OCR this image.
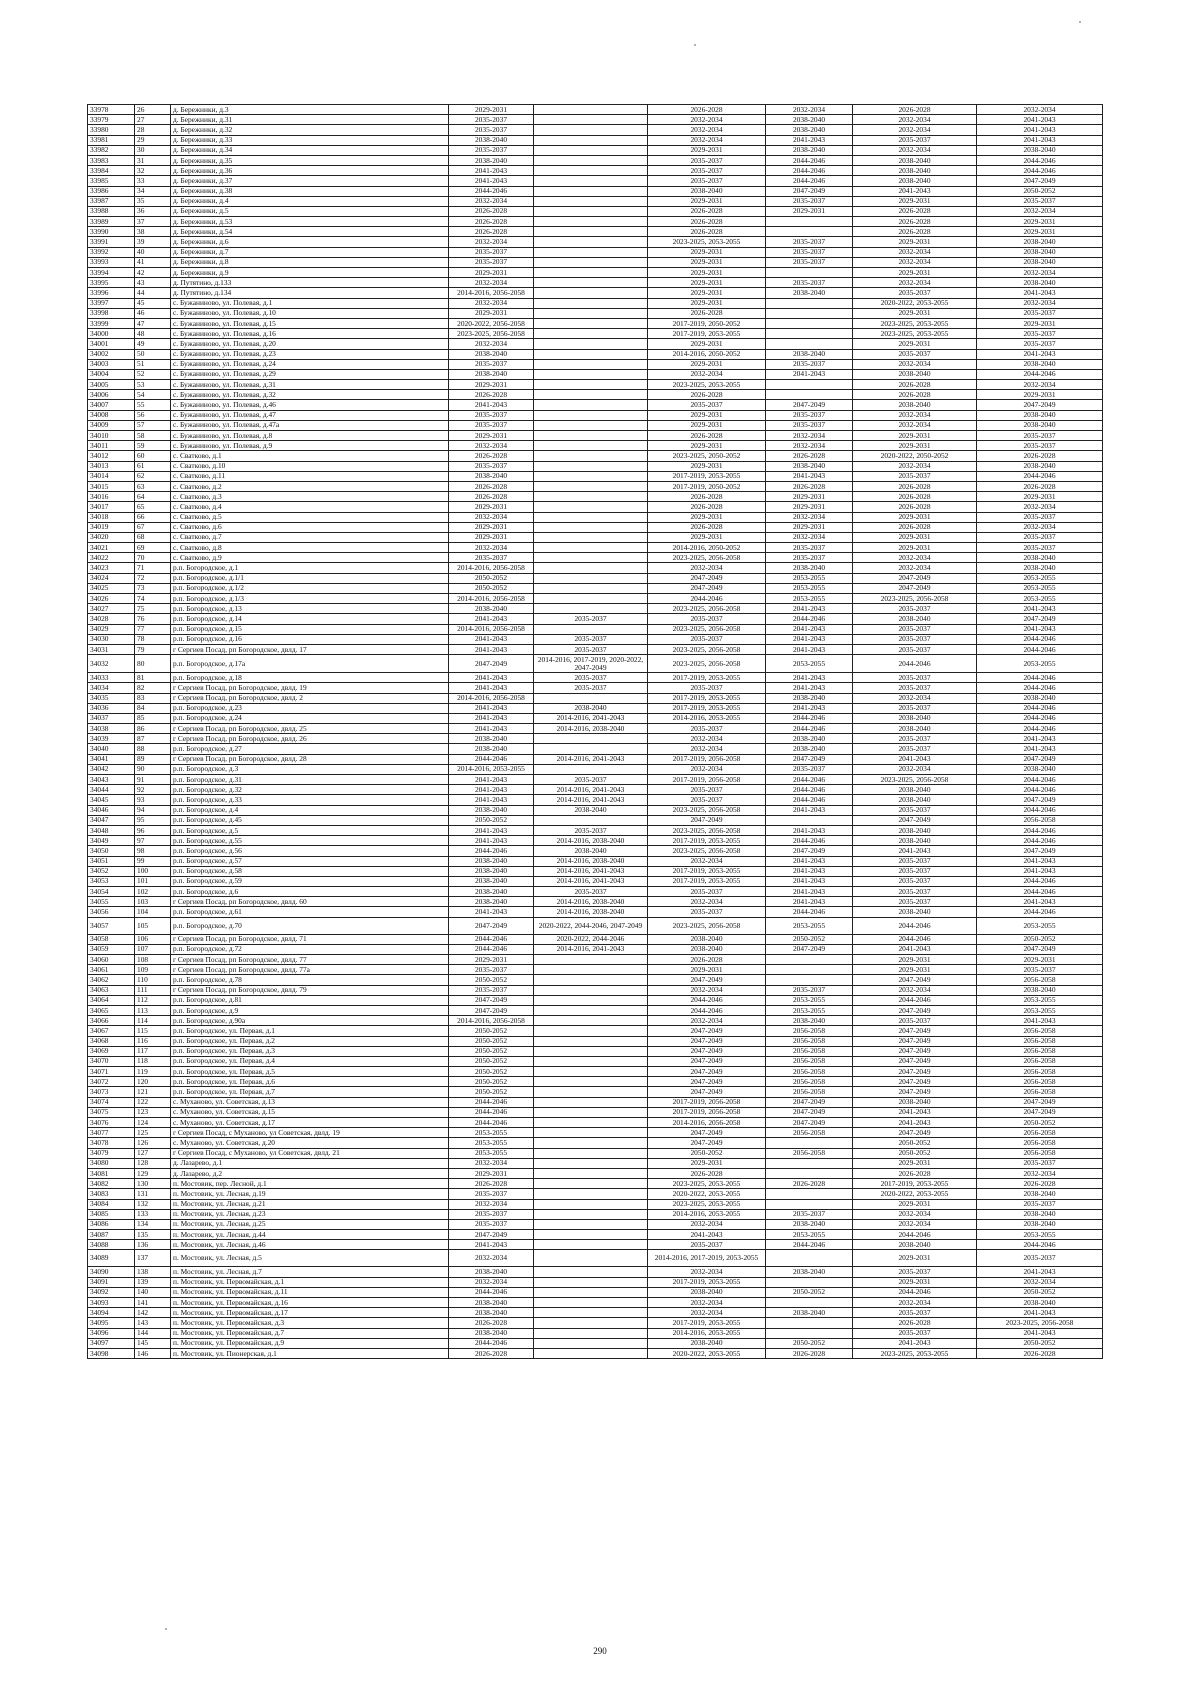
33978	26	д. Бережники, д.3	2029-2031		2026-2028	2032-2034	2026-2028	2032-2034
33979	27	д. Бережники, д.31	2035-2037		2032-2034	2038-2040	2032-2034	2041-2043
33980	28	д. Бережники, д.32	2035-2037		2032-2034	2038-2040	2032-2034	2041-2043
33981	29	д. Бережники, д.33	2038-2040		2032-2034	2041-2043	2035-2037	2041-2043
33982	30	д. Бережники, д.34	2035-2037		2029-2031	2038-2040	2032-2034	2038-2040
33983	31	д. Бережники, д.35	2038-2040		2035-2037	2044-2046	2038-2040	2044-2046
33984	32	д. Бережники, д.36	2041-2043		2035-2037	2044-2046	2038-2040	2044-2046
33985	33	д. Бережники, д.37	2041-2043		2035-2037	2044-2046	2038-2040	2047-2049
33986	34	д. Бережники, д.38	2044-2046		2038-2040	2047-2049	2041-2043	2050-2052
33987	35	д. Бережники, д.4	2032-2034		2029-2031	2035-2037	2029-2031	2035-2037
33988	36	д. Бережники, д.5	2026-2028		2026-2028	2029-2031	2026-2028	2032-2034
33989	37	д. Бережники, д.53	2026-2028		2026-2028		2026-2028	2029-2031
33990	38	д. Бережники, д.54	2026-2028		2026-2028		2026-2028	2029-2031
33991	39	д. Бережники, д.6	2032-2034		2023-2025, 2053-2055	2035-2037	2029-2031	2038-2040
33992	40	д. Бережники, д.7	2035-2037		2029-2031	2035-2037	2032-2034	2038-2040
33993	41	д. Бережники, д.8	2035-2037		2029-2031	2035-2037	2032-2034	2038-2040
33994	42	д. Бережники, д.9	2029-2031		2029-2031		2029-2031	2032-2034
33995	43	д. Путятино, д.133	2032-2034		2029-2031	2035-2037	2032-2034	2038-2040
33996	44	д. Путятино, д.134	2014-2016, 2056-2058		2029-2031	2038-2040	2035-2037	2041-2043
33997	45	с. Бужаниново, ул. Полевая, д.1	2032-2034		2029-2031		2020-2022, 2053-2055	2032-2034
33998	46	с. Бужаниново, ул. Полевая, д.10	2029-2031		2026-2028		2029-2031	2035-2037
33999	47	с. Бужаниново, ул. Полевая, д.15	2020-2022, 2056-2058		2017-2019, 2050-2052		2023-2025, 2053-2055	2029-2031
34000	48	с. Бужаниново, ул. Полевая, д.16	2023-2025, 2056-2058		2017-2019, 2053-2055		2023-2025, 2053-2055	2035-2037
34001	49	с. Бужаниново, ул. Полевая, д.20	2032-2034		2029-2031		2029-2031	2035-2037
34002	50	с. Бужаниново, ул. Полевая, д.23	2038-2040		2014-2016, 2050-2052	2038-2040	2035-2037	2041-2043
34003	51	с. Бужаниново, ул. Полевая, д.24	2035-2037		2029-2031	2035-2037	2032-2034	2038-2040
34004	52	с. Бужаниново, ул. Полевая, д.29	2038-2040		2032-2034	2041-2043	2038-2040	2044-2046
34005	53	с. Бужаниново, ул. Полевая, д.31	2029-2031		2023-2025, 2053-2055		2026-2028	2032-2034
34006	54	с. Бужаниново, ул. Полевая, д.32	2026-2028		2026-2028		2026-2028	2029-2031
34007	55	с. Бужаниново, ул. Полевая, д.46	2041-2043		2035-2037	2047-2049	2038-2040	2047-2049
34008	56	с. Бужаниново, ул. Полевая, д.47	2035-2037		2029-2031	2035-2037	2032-2034	2038-2040
34009	57	с. Бужаниново, ул. Полевая, д.47а	2035-2037		2029-2031	2035-2037	2032-2034	2038-2040
34010	58	с. Бужаниново, ул. Полевая, д.8	2029-2031		2026-2028	2032-2034	2029-2031	2035-2037
34011	59	с. Бужаниново, ул. Полевая, д.9	2032-2034		2029-2031	2032-2034	2029-2031	2035-2037
34012	60	с. Сватково, д.1	2026-2028		2023-2025, 2050-2052	2026-2028	2020-2022, 2050-2052	2026-2028
34013	61	с. Сватково, д.10	2035-2037		2029-2031	2038-2040	2032-2034	2038-2040
34014	62	с. Сватково, д.11	2038-2040		2017-2019, 2053-2055	2041-2043	2035-2037	2044-2046
34015	63	с. Сватково, д.2	2026-2028		2017-2019, 2050-2052	2026-2028	2026-2028	2026-2028
34016	64	с. Сватково, д.3	2026-2028		2026-2028	2029-2031	2026-2028	2029-2031
34017	65	с. Сватково, д.4	2029-2031		2026-2028	2029-2031	2026-2028	2032-2034
34018	66	с. Сватково, д.5	2032-2034		2029-2031	2032-2034	2029-2031	2035-2037
34019	67	с. Сватково, д.6	2029-2031		2026-2028	2029-2031	2026-2028	2032-2034
34020	68	с. Сватково, д.7	2029-2031		2029-2031	2032-2034	2029-2031	2035-2037
34021	69	с. Сватково, д.8	2032-2034		2014-2016, 2050-2052	2035-2037	2029-2031	2035-2037
34022	70	с. Сватково, д.9	2035-2037		2023-2025, 2056-2058	2035-2037	2032-2034	2038-2040
34023	71	р.п. Богородское, д.1	2014-2016, 2056-2058		2032-2034	2038-2040	2032-2034	2038-2040
34024	72	р.п. Богородское, д.1/1	2050-2052		2047-2049	2053-2055	2047-2049	2053-2055
34025	73	р.п. Богородское, д.1/2	2050-2052		2047-2049	2053-2055	2047-2049	2053-2055
34026	74	р.п. Богородское, д.1/3	2014-2016, 2056-2058		2044-2046	2053-2055	2023-2025, 2056-2058	2053-2055
34027	75	р.п. Богородское, д.13	2038-2040		2023-2025, 2056-2058	2041-2043	2035-2037	2041-2043
34028	76	р.п. Богородское, д.14	2041-2043	2035-2037	2035-2037	2044-2046	2038-2040	2047-2049
34029	77	р.п. Богородское, д.15	2014-2016, 2056-2058		2023-2025, 2056-2058	2041-2043	2035-2037	2041-2043
34030	78	р.п. Богородское, д.16	2041-2043	2035-2037	2035-2037	2041-2043	2035-2037	2044-2046
34031	79	г Сергиев Посад, рп Богородское, двлд. 17	2041-2043	2035-2037	2023-2025, 2056-2058	2041-2043	2035-2037	2044-2046
34032	80	р.п. Богородское, д.17а	2047-2049	2014-2016, 2017-2019, 2020-2022, 2047-2049	2023-2025, 2056-2058	2053-2055	2044-2046	2053-2055
34033	81	р.п. Богородское, д.18	2041-2043	2035-2037	2017-2019, 2053-2055	2041-2043	2035-2037	2044-2046
34034	82	г Сергиев Посад, рп Богородское, двлд. 19	2041-2043	2035-2037	2035-2037	2041-2043	2035-2037	2044-2046
34035	83	г Сергиев Посад, рп Богородское, двлд. 2	2014-2016, 2056-2058		2017-2019, 2053-2055	2038-2040	2032-2034	2038-2040
34036	84	р.п. Богородское, д.23	2041-2043	2038-2040	2017-2019, 2053-2055	2041-2043	2035-2037	2044-2046
34037	85	р.п. Богородское, д.24	2041-2043	2014-2016, 2041-2043	2014-2016, 2053-2055	2044-2046	2038-2040	2044-2046
34038	86	г Сергиев Посад, рп Богородское, двлд. 25	2041-2043	2014-2016, 2038-2040	2035-2037	2044-2046	2038-2040	2044-2046
34039	87	г Сергиев Посад, рп Богородское, двлд. 26	2038-2040		2032-2034	2038-2040	2035-2037	2041-2043
34040	88	р.п. Богородское, д.27	2038-2040		2032-2034	2038-2040	2035-2037	2041-2043
34041	89	г Сергиев Посад, рп Богородское, двлд. 28	2044-2046	2014-2016, 2041-2043	2017-2019, 2056-2058	2047-2049	2041-2043	2047-2049
34042	90	р.п. Богородское, д.3	2014-2016, 2053-2055		2032-2034	2035-2037	2032-2034	2038-2040
34043	91	р.п. Богородское, д.31	2041-2043	2035-2037	2017-2019, 2056-2058	2044-2046	2023-2025, 2056-2058	2044-2046
34044	92	р.п. Богородское, д.32	2041-2043	2014-2016, 2041-2043	2035-2037	2044-2046	2038-2040	2044-2046
34045	93	р.п. Богородское, д.33	2041-2043	2014-2016, 2041-2043	2035-2037	2044-2046	2038-2040	2047-2049
34046	94	р.п. Богородское, д.4	2038-2040	2038-2040	2023-2025, 2056-2058	2041-2043	2035-2037	2044-2046
34047	95	р.п. Богородское, д.45	2050-2052		2047-2049		2047-2049	2056-2058
34048	96	р.п. Богородское, д.5	2041-2043	2035-2037	2023-2025, 2056-2058	2041-2043	2038-2040	2044-2046
34049	97	р.п. Богородское, д.55	2041-2043	2014-2016, 2038-2040	2017-2019, 2053-2055	2044-2046	2038-2040	2044-2046
34050	98	р.п. Богородское, д.56	2044-2046	2038-2040	2023-2025, 2056-2058	2047-2049	2041-2043	2047-2049
34051	99	р.п. Богородское, д.57	2038-2040	2014-2016, 2038-2040	2032-2034	2041-2043	2035-2037	2041-2043
34052	100	р.п. Богородское, д.58	2038-2040	2014-2016, 2041-2043	2017-2019, 2053-2055	2041-2043	2035-2037	2041-2043
34053	101	р.п. Богородское, д.59	2038-2040	2014-2016, 2041-2043	2017-2019, 2053-2055	2041-2043	2035-2037	2044-2046
34054	102	р.п. Богородское, д.6	2038-2040	2035-2037	2035-2037	2041-2043	2035-2037	2044-2046
34055	103	г Сергиев Посад, рп Богородское, двлд. 60	2038-2040	2014-2016, 2038-2040	2032-2034	2041-2043	2035-2037	2041-2043
34056	104	р.п. Богородское, д.61	2041-2043	2014-2016, 2038-2040	2035-2037	2044-2046	2038-2040	2044-2046
34057	105	р.п. Богородское, д.70	2047-2049	2020-2022, 2044-2046, 2047-2049	2023-2025, 2056-2058	2053-2055	2044-2046	2053-2055
34058	106	г Сергиев Посад, рп Богородское, двлд. 71	2044-2046	2020-2022, 2044-2046	2038-2040	2050-2052	2044-2046	2050-2052
34059	107	р.п. Богородское, д.72	2044-2046	2014-2016, 2041-2043	2038-2040	2047-2049	2041-2043	2047-2049
34060	108	г Сергиев Посад, рп Богородское, двлд. 77	2029-2031		2026-2028		2029-2031	2029-2031
34061	109	г Сергиев Посад, рп Богородское, двлд. 77а	2035-2037		2029-2031		2029-2031	2035-2037
34062	110	р.п. Богородское, д.78	2050-2052		2047-2049		2047-2049	2056-2058
34063	111	г Сергиев Посад, рп Богородское, двлд. 79	2035-2037		2032-2034	2035-2037	2032-2034	2038-2040
34064	112	р.п. Богородское, д.81	2047-2049		2044-2046	2053-2055	2044-2046	2053-2055
34065	113	р.п. Богородское, д.9	2047-2049		2044-2046	2053-2055	2047-2049	2053-2055
34066	114	р.п. Богородское, д.90а	2014-2016, 2056-2058		2032-2034	2038-2040	2035-2037	2041-2043
34067	115	р.п. Богородское, ул. Первая, д.1	2050-2052		2047-2049	2056-2058	2047-2049	2056-2058
34068	116	р.п. Богородское, ул. Первая, д.2	2050-2052		2047-2049	2056-2058	2047-2049	2056-2058
34069	117	р.п. Богородское, ул. Первая, д.3	2050-2052		2047-2049	2056-2058	2047-2049	2056-2058
34070	118	р.п. Богородское, ул. Первая, д.4	2050-2052		2047-2049	2056-2058	2047-2049	2056-2058
34071	119	р.п. Богородское, ул. Первая, д.5	2050-2052		2047-2049	2056-2058	2047-2049	2056-2058
34072	120	р.п. Богородское, ул. Первая, д.6	2050-2052		2047-2049	2056-2058	2047-2049	2056-2058
34073	121	р.п. Богородское, ул. Первая, д.7	2050-2052		2047-2049	2056-2058	2047-2049	2056-2058
34074	122	с. Муханово, ул. Советская, д.13	2044-2046		2017-2019, 2056-2058	2047-2049	2038-2040	2047-2049
34075	123	с. Муханово, ул. Советская, д.15	2044-2046		2017-2019, 2056-2058	2047-2049	2041-2043	2047-2049
34076	124	с. Муханово, ул. Советская, д.17	2044-2046		2014-2016, 2056-2058	2047-2049	2041-2043	2050-2052
34077	125	г Сергиев Посад, с Муханово, ул Советская, двлд. 19	2053-2055		2047-2049	2056-2058	2047-2049	2056-2058
34078	126	с. Муханово, ул. Советская, д.20	2053-2055		2047-2049		2050-2052	2056-2058
34079	127	г Сергиев Посад, с Муханово, ул Советская, двлд. 21	2053-2055		2050-2052	2056-2058	2050-2052	2056-2058
34080	128	д. Лазарево, д.1	2032-2034		2029-2031		2029-2031	2035-2037
34081	129	д. Лазарево, д.2	2029-2031		2026-2028		2026-2028	2032-2034
34082	130	п. Мостовик, пер. Лесной, д.1	2026-2028		2023-2025, 2053-2055	2026-2028	2017-2019, 2053-2055	2026-2028
34083	131	п. Мостовик, ул. Лесная, д.19	2035-2037		2020-2022, 2053-2055		2020-2022, 2053-2055	2038-2040
34084	132	п. Мостовик, ул. Лесная, д.21	2032-2034		2023-2025, 2053-2055		2029-2031	2035-2037
34085	133	п. Мостовик, ул. Лесная, д.23	2035-2037		2014-2016, 2053-2055	2035-2037	2032-2034	2038-2040
34086	134	п. Мостовик, ул. Лесная, д.25	2035-2037		2032-2034	2038-2040	2032-2034	2038-2040
34087	135	п. Мостовик, ул. Лесная, д.44	2047-2049		2041-2043	2053-2055	2044-2046	2053-2055
34088	136	п. Мостовик, ул. Лесная, д.46	2041-2043		2035-2037	2044-2046	2038-2040	2044-2046
34089	137	п. Мостовик, ул. Лесная, д.5	2032-2034		2014-2016, 2017-2019, 2053-2055		2029-2031	2035-2037
34090	138	п. Мостовик, ул. Лесная, д.7	2038-2040		2032-2034	2038-2040	2035-2037	2041-2043
34091	139	п. Мостовик, ул. Первомайская, д.1	2032-2034		2017-2019, 2053-2055		2029-2031	2032-2034
34092	140	п. Мостовик, ул. Первомайская, д.11	2044-2046		2038-2040	2050-2052	2044-2046	2050-2052
34093	141	п. Мостовик, ул. Первомайская, д.16	2038-2040		2032-2034		2032-2034	2038-2040
34094	142	п. Мостовик, ул. Первомайская, д.17	2038-2040		2032-2034	2038-2040	2035-2037	2041-2043
34095	143	п. Мостовик, ул. Первомайская, д.3	2026-2028		2017-2019, 2053-2055		2026-2028	2023-2025, 2056-2058
34096	144	п. Мостовик, ул. Первомайская, д.7	2038-2040		2014-2016, 2053-2055		2035-2037	2041-2043
34097	145	п. Мостовик, ул. Первомайская, д.9	2044-2046		2038-2040	2050-2052	2041-2043	2050-2052
34098	146	п. Мостовик, ул. Пионерская, д.1	2026-2028		2020-2022, 2053-2055	2026-2028	2023-2025, 2053-2055	2026-2028
290
